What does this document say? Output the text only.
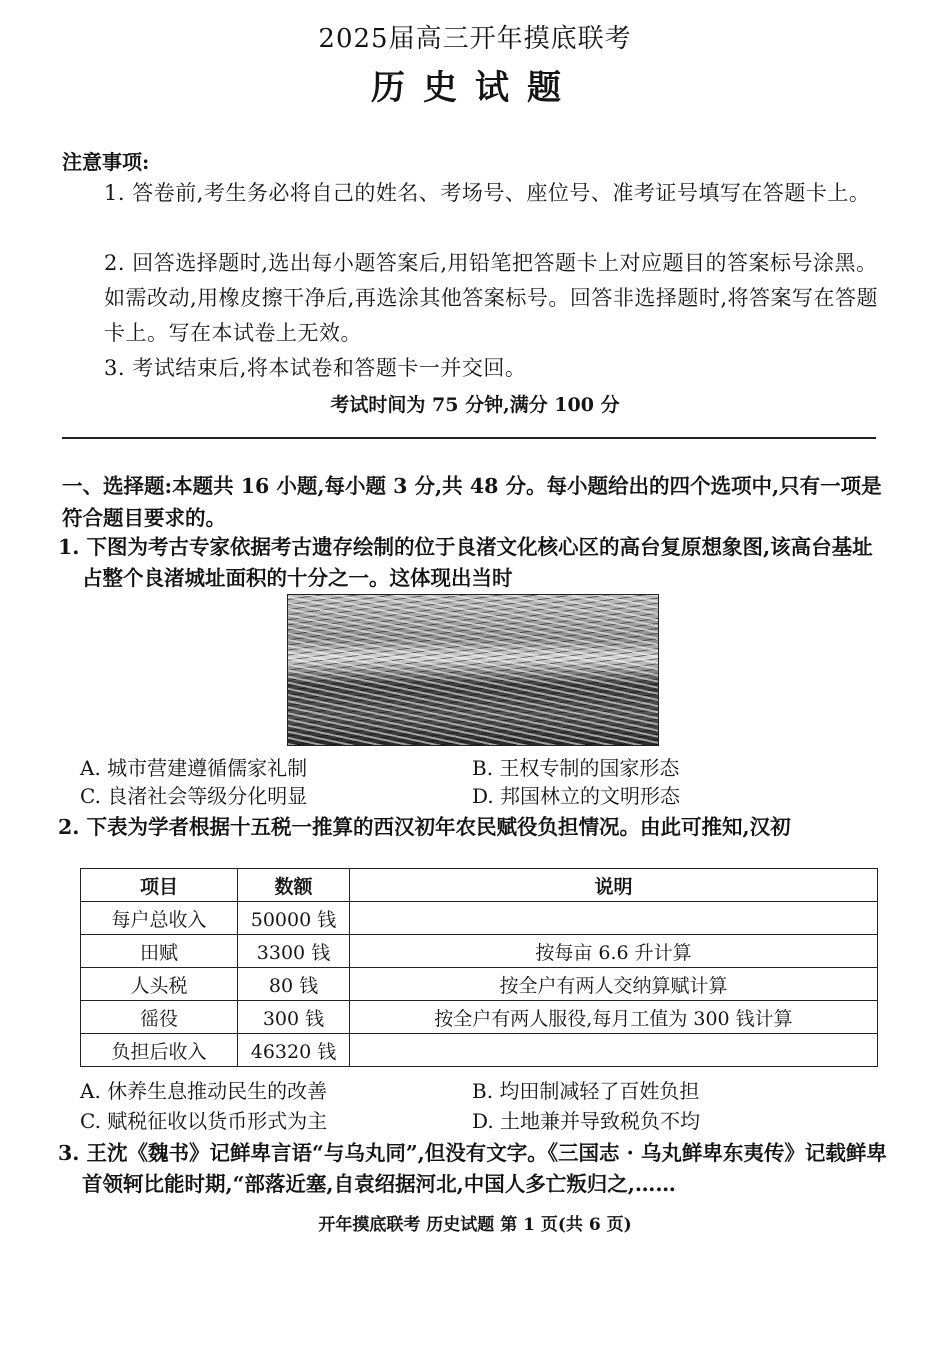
2025届高三开年摸底联考
历史试题
注意事项:
1. 答卷前,考生务必将自己的姓名、考场号、座位号、准考证号填写在答题卡上。
2. 回答选择题时,选出每小题答案后,用铅笔把答题卡上对应题目的答案标号涂黑。如需改动,用橡皮擦干净后,再选涂其他答案标号。回答非选择题时,将答案写在答题卡上。写在本试卷上无效。
3. 考试结束后,将本试卷和答题卡一并交回。
考试时间为 75 分钟,满分 100 分
一、选择题:本题共 16 小题,每小题 3 分,共 48 分。每小题给出的四个选项中,只有一项是符合题目要求的。
1. 下图为考古专家依据考古遗存绘制的位于良渚文化核心区的高台复原想象图,该高台基址占整个良渚城址面积的十分之一。这体现出当时
A. 城市营建遵循儒家礼制	B. 王权专制的国家形态
C. 良渚社会等级分化明显	D. 邦国林立的文明形态
2. 下表为学者根据十五税一推算的西汉初年农民赋役负担情况。由此可推知,汉初
项目	数额	说明
每户总收入	50000 钱	
田赋	3300 钱	按每亩 6.6 升计算
人头税	80 钱	按全户有两人交纳算赋计算
徭役	300 钱	按全户有两人服役,每月工值为 300 钱计算
负担后收入	46320 钱	
A. 休养生息推动民生的改善	B. 均田制减轻了百姓负担
C. 赋税征收以货币形式为主	D. 土地兼并导致税负不均
3. 王沈《魏书》记鲜卑言语“与乌丸同”,但没有文字。《三国志 · 乌丸鲜卑东夷传》记载鲜卑首领轲比能时期,“部落近塞,自袁绍据河北,中国人多亡叛归之,……
开年摸底联考 历史试题 第 1 页(共 6 页)
